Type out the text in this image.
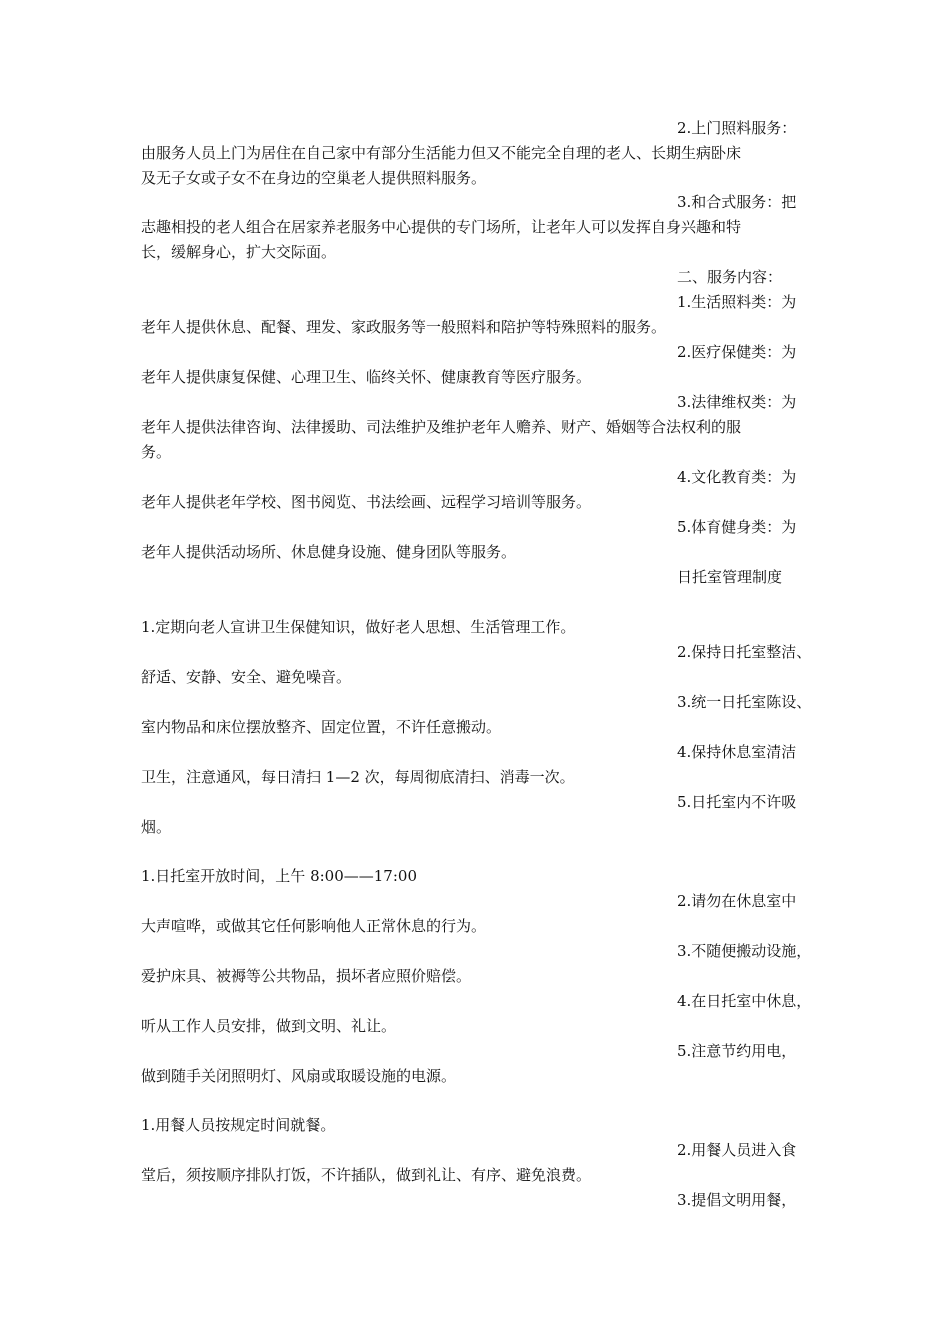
2.上门照料服务：

由服务人员上门为居住在自己家中有部分生活能力但又不能完全自理的老人、长期生病卧床

及无子女或子女不在身边的空巢老人提供照料服务。

3.和合式服务：把

志趣相投的老人组合在居家养老服务中心提供的专门场所，让老年人可以发挥自身兴趣和特

长，缓解身心，扩大交际面。

二、服务内容：

1.生活照料类：为

老年人提供休息、配餐、理发、家政服务等一般照料和陪护等特殊照料的服务。

2.医疗保健类：为

老年人提供康复保健、心理卫生、临终关怀、健康教育等医疗服务。

3.法律维权类：为

老年人提供法律咨询、法律援助、司法维护及维护老年人赡养、财产、婚姻等合法权利的服

务。

4.文化教育类：为

老年人提供老年学校、图书阅览、书法绘画、远程学习培训等服务。

5.体育健身类：为

老年人提供活动场所、休息健身设施、健身团队等服务。

日托室管理制度

1.定期向老人宣讲卫生保健知识，做好老人思想、生活管理工作。

2.保持日托室整洁、

舒适、安静、安全、避免噪音。

3.统一日托室陈设、

室内物品和床位摆放整齐、固定位置，不许任意搬动。

4.保持休息室清洁

卫生，注意通风，每日清扫 1—2 次，每周彻底清扫、消毒一次。

5.日托室内不许吸

烟。

1.日托室开放时间，上午 8:00——17:00

2.请勿在休息室中

大声喧哗，或做其它任何影响他人正常休息的行为。

3.不随便搬动设施，

爱护床具、被褥等公共物品，损坏者应照价赔偿。

4.在日托室中休息，

听从工作人员安排，做到文明、礼让。

5.注意节约用电，

做到随手关闭照明灯、风扇或取暖设施的电源。

1.用餐人员按规定时间就餐。

2.用餐人员进入食

堂后，须按顺序排队打饭，不许插队，做到礼让、有序、避免浪费。

3.提倡文明用餐，
